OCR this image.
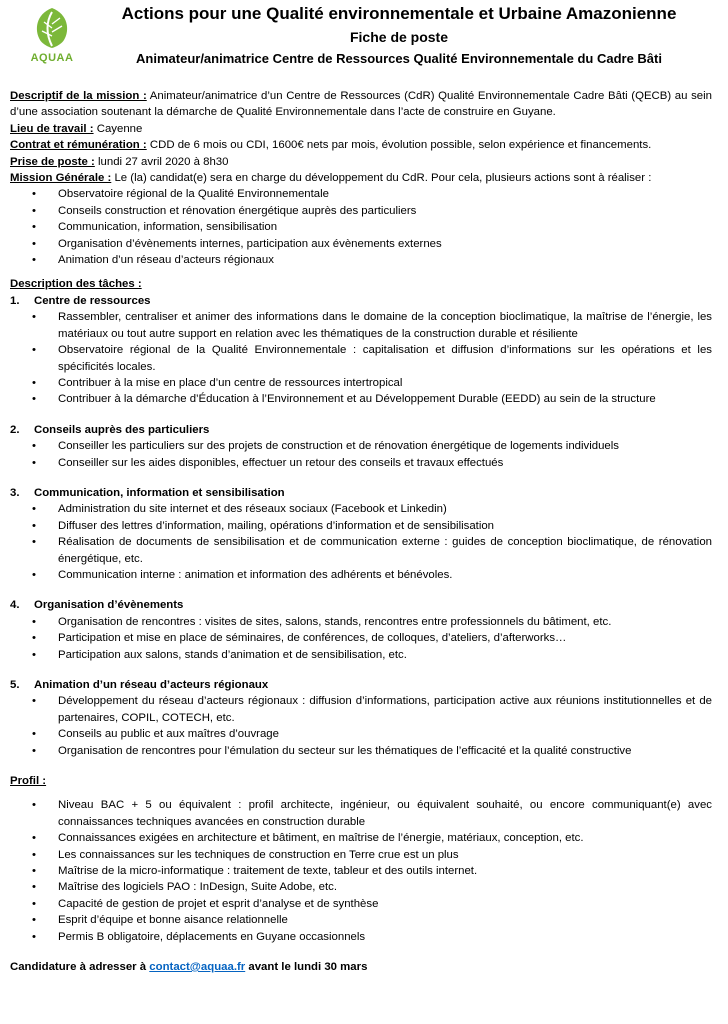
AQUAA
Actions pour une Qualité environnementale et Urbaine Amazonienne
Fiche de poste
Animateur/animatrice Centre de Ressources Qualité Environnementale du Cadre Bâti

Descriptif de la mission : Animateur/animatrice d’un Centre de Ressources (CdR) Qualité Environnementale Cadre Bâti (QECB) au sein d’une association soutenant la démarche de Qualité Environnementale dans l’acte de construire en Guyane.

Lieu de travail : Cayenne

Contrat et rémunération : CDD de 6 mois ou CDI, 1600€ nets par mois, évolution possible, selon expérience et financements.

Prise de poste : lundi 27 avril 2020 à 8h30

Mission Générale : Le (la) candidat(e) sera en charge du développement du CdR. Pour cela, plusieurs actions sont à réaliser :

• Observatoire régional de la Qualité Environnementale
• Conseils construction et rénovation énergétique auprès des particuliers
• Communication, information, sensibilisation
• Organisation d’évènements internes, participation aux évènements externes
• Animation d’un réseau d’acteurs régionaux

Description des tâches :

1. Centre de ressources
• Rassembler, centraliser et animer des informations dans le domaine de la conception bioclimatique, la maîtrise de l’énergie, les matériaux ou tout autre support en relation avec les thématiques de la construction durable et résiliente
• Observatoire régional de la Qualité Environnementale : capitalisation et diffusion d’informations sur les opérations et les spécificités locales.
• Contribuer à la mise en place d’un centre de ressources intertropical
• Contribuer à la démarche d’Éducation à l’Environnement et au Développement Durable (EEDD) au sein de la structure
2. Conseils auprès des particuliers
• Conseiller les particuliers sur des projets de construction et de rénovation énergétique de logements individuels
• Conseiller sur les aides disponibles, effectuer un retour des conseils et travaux effectués
3. Communication, information et sensibilisation
• Administration du site internet et des réseaux sociaux (Facebook et Linkedin)
• Diffuser des lettres d’information, mailing, opérations d’information et de sensibilisation
• Réalisation de documents de sensibilisation et de communication externe : guides de conception bioclimatique, de rénovation énergétique, etc.
• Communication interne : animation et information des adhérents et bénévoles.
4. Organisation d’évènements
• Organisation de rencontres : visites de sites, salons, stands, rencontres entre professionnels du bâtiment, etc.
• Participation et mise en place de séminaires, de conférences, de colloques, d’ateliers, d’afterworks…
• Participation aux salons, stands d’animation et de sensibilisation, etc.
5. Animation d’un réseau d’acteurs régionaux
• Développement du réseau d’acteurs régionaux : diffusion d’informations, participation active aux réunions institutionnelles et de partenaires, COPIL, COTECH, etc.
• Conseils au public et aux maîtres d’ouvrage
• Organisation de rencontres pour l’émulation du secteur sur les thématiques de l’efficacité et la qualité constructive

Profil :

• Niveau BAC + 5 ou équivalent : profil architecte, ingénieur, ou équivalent souhaité, ou encore communiquant(e) avec connaissances techniques avancées en construction durable
• Connaissances exigées en architecture et bâtiment, en maîtrise de l’énergie, matériaux, conception, etc.
• Les connaissances sur les techniques de construction en Terre crue est un plus
• Maîtrise de la micro-informatique : traitement de texte, tableur et des outils internet.
• Maîtrise des logiciels PAO : InDesign, Suite Adobe, etc.
• Capacité de gestion de projet et esprit d’analyse et de synthèse
• Esprit d’équipe et bonne aisance relationnelle
• Permis B obligatoire, déplacements en Guyane occasionnels

Candidature à adresser à contact@aquaa.fr avant le lundi 30 mars
